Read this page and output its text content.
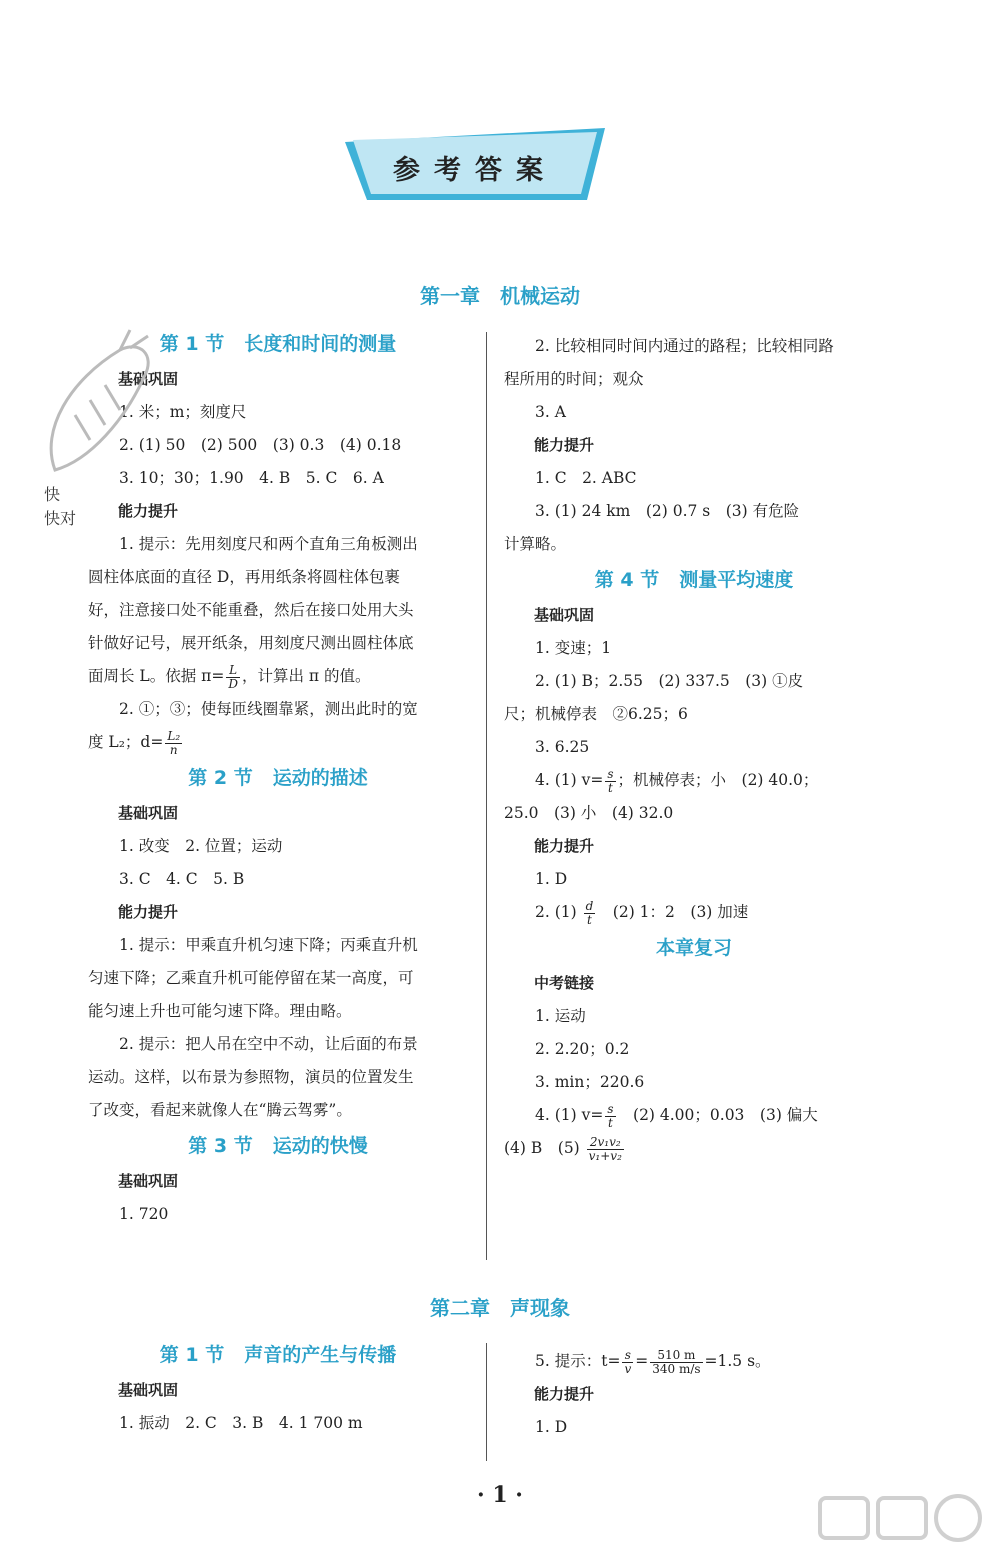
参考答案
第一章 机械运动

第 1 节 长度和时间的测量

基础巩固

1. 米；m；刻度尺

2. (1) 50　(2) 500　(3) 0.3　(4) 0.18

3. 10；30；1.90　4. B　5. C　6. A

能力提升

1. 提示：先用刻度尺和两个直角三角板测出

圆柱体底面的直径 D，再用纸条将圆柱体包裹

好，注意接口处不能重叠，然后在接口处用大头

针做好记号，展开纸条，用刻度尺测出圆柱体底

面周长 L。依据 $\pi= \frac{L}{D}$ ，计算出 π 的值。

2. ①；③；使每匝线圈靠紧，测出此时的宽

度 L₂；$d= \frac{\text{L₂}}{n}$

第 2 节 运动的描述

基础巩固

1. 改变　2. 位置；运动

3. C　4. C　5. B

能力提升

1. 提示：甲乘直升机匀速下降；丙乘直升机

匀速下降；乙乘直升机可能停留在某一高度，可

能匀速上升也可能匀速下降。理由略。

2. 提示：把人吊在空中不动，让后面的布景

运动。这样，以布景为参照物，演员的位置发生

了改变，看起来就像人在“腾云驾雾”。

第 3 节 运动的快慢

基础巩固

1. 720

2. 比较相同时间内通过的路程；比较相同路

程所用的时间；观众

3. A

能力提升

1. C　2. ABC

3. (1) 24 km　(2) 0.7 s　(3) 有危险

计算略。

第 4 节 测量平均速度

基础巩固

1. 变速；1

2. (1) B；2.55　(2) 337.5　(3) ①皮

尺；机械停表　②6.25；6

3. 6.25

4. (1) $v= \frac{s}{t}$ ；机械停表；小　(2) 40.0；

25.0　(3) 小　(4) 32.0

能力提升

1. D

2. $(1) \frac{d}{t}$ 　(2) 1：2　(3) 加速

本章复习

中考链接

1. 运动

2. 2.20；0.2

3. min；220.6

4. (1) $v= \frac{s}{t}$ 　(2) 4.00；0.03　(3) 偏大

(4) B　$(5) \frac{\text{2v₁v₂}}{\text{v₁+v₂}}$

第二章 声现象

第 1 节 声音的产生与传播

基础巩固

1. 振动　2. C　3. B　4. 1 700 m

5. 提示：$t= \frac{s}{v} = \frac{510 m}{340 m/s} =1.5$ s。

能力提升

1. D

· 1 ·
快
快对
